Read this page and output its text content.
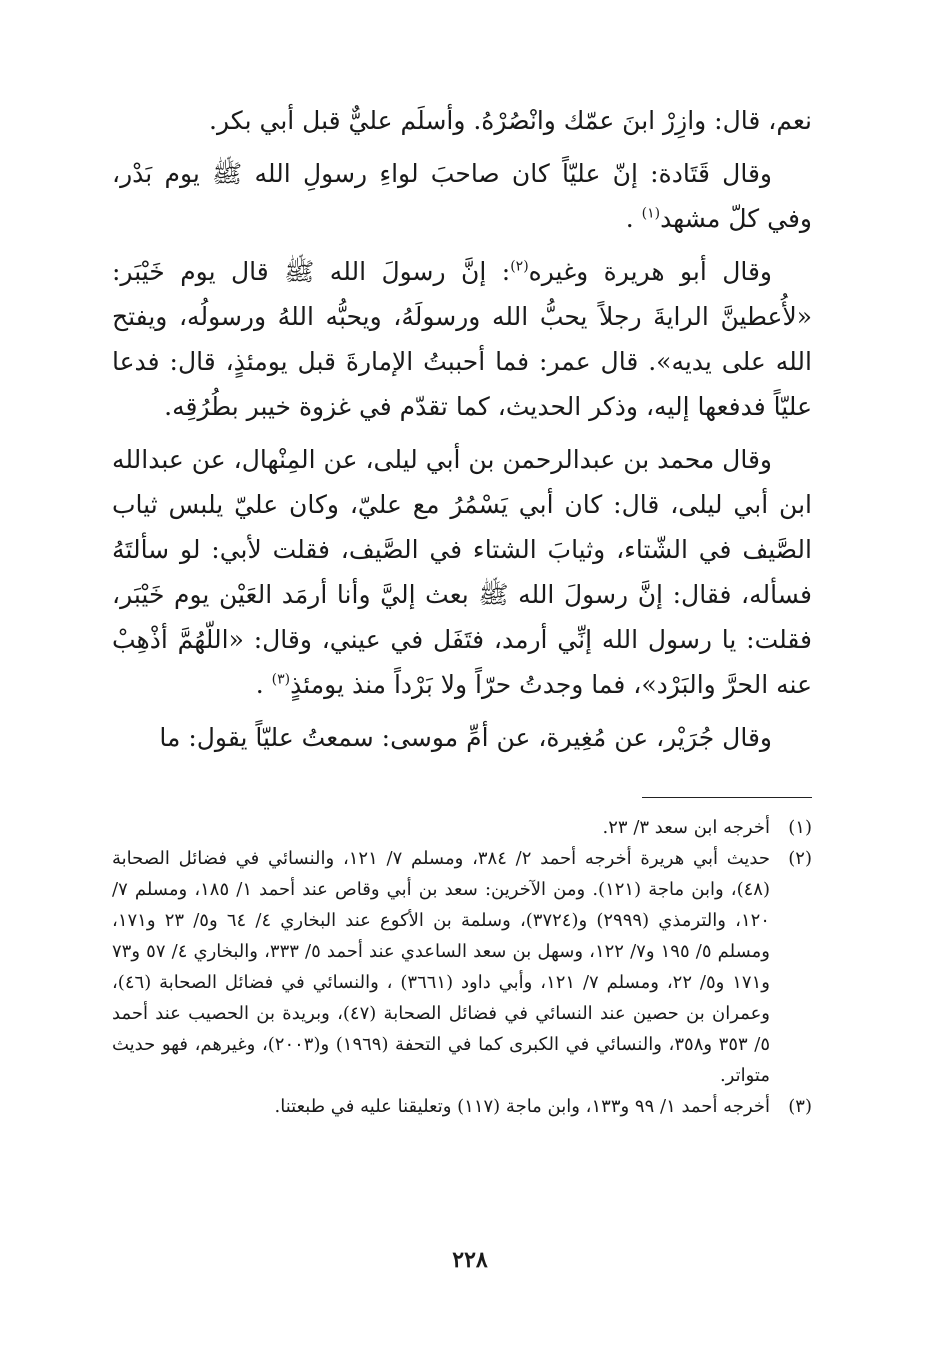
نعم، قال: وازِرْ ابنَ عمّك وانْصُرْهُ. وأسلَم عليٌّ قبل أبي بكر.

وقال قَتَادة: إنّ عليّاً كان صاحبَ لواءِ رسولِ الله ﷺ يوم بَدْر، وفي كلّ مشهد$^{(١)}$ .

وقال أبو هريرة وغيره$^{(٢)}$: إنَّ رسولَ الله ﷺ قال يوم خَيْبَر: «لأُعطينَّ الرايةَ رجلاً يحبُّ الله ورسولَهُ، ويحبُّه اللهُ ورسولُه، ويفتح الله على يديه». قال عمر: فما أحببتُ الإمارةَ قبل يومئذٍ، قال: فدعا عليّاً فدفعها إليه، وذكر الحديث، كما تقدّم في غزوة خيبر بطُرُقِه.

وقال محمد بن عبدالرحمن بن أبي ليلى، عن المِنْهال، عن عبدالله ابن أبي ليلى، قال: كان أبي يَسْمُرُ مع عليّ، وكان عليّ يلبس ثياب الصَّيف في الشّتاء، وثيابَ الشتاء في الصَّيف، فقلت لأبي: لو سألتَهُ فسأله، فقال: إنَّ رسولَ الله ﷺ بعث إليَّ وأنا أرمَد العَيْن يوم خَيْبَر، فقلت: يا رسول الله إنِّي أرمد، فتَفَل في عيني، وقال: «اللّهُمَّ أذْهِبْ عنه الحرَّ والبَرْد»، فما وجدتُ حرّاً ولا بَرْداً منذ يومئذٍ$^{(٣)}$ .

وقال جُرَيْر، عن مُغِيرة، عن أمِّ موسى: سمعتُ عليّاً يقول: ما

(١)
أخرجه ابن سعد ٣/ ٢٣.
(٢)
حديث أبي هريرة أخرجه أحمد ٢/ ٣٨٤، ومسلم ٧/ ١٢١، والنسائي في فضائل الصحابة (٤٨)، وابن ماجة (١٢١). ومن الآخرين: سعد بن أبي وقاص عند أحمد ١/ ١٨٥، ومسلم ٧/ ١٢٠، والترمذي (٢٩٩٩) و(٣٧٢٤)، وسلمة بن الأكوع عند البخاري ٤/ ٦٤ و٥/ ٢٣ و١٧١، ومسلم ٥/ ١٩٥ و٧/ ١٢٢، وسهل بن سعد الساعدي عند أحمد ٥/ ٣٣٣، والبخاري ٤/ ٥٧ و٧٣ و١٧١ و٥/ ٢٢، ومسلم ٧/ ١٢١، وأبي داود (٣٦٦١) ، والنسائي في فضائل الصحابة (٤٦)، وعمران بن حصين عند النسائي في فضائل الصحابة (٤٧)، وبريدة بن الحصيب عند أحمد ٥/ ٣٥٣ و٣٥٨، والنسائي في الكبرى كما في التحفة (١٩٦٩) و(٢٠٠٣)، وغيرهم، فهو حديث متواتر.
(٣)
أخرجه أحمد ١/ ٩٩ و١٣٣، وابن ماجة (١١٧) وتعليقنا عليه في طبعتنا.
٢٢٨
